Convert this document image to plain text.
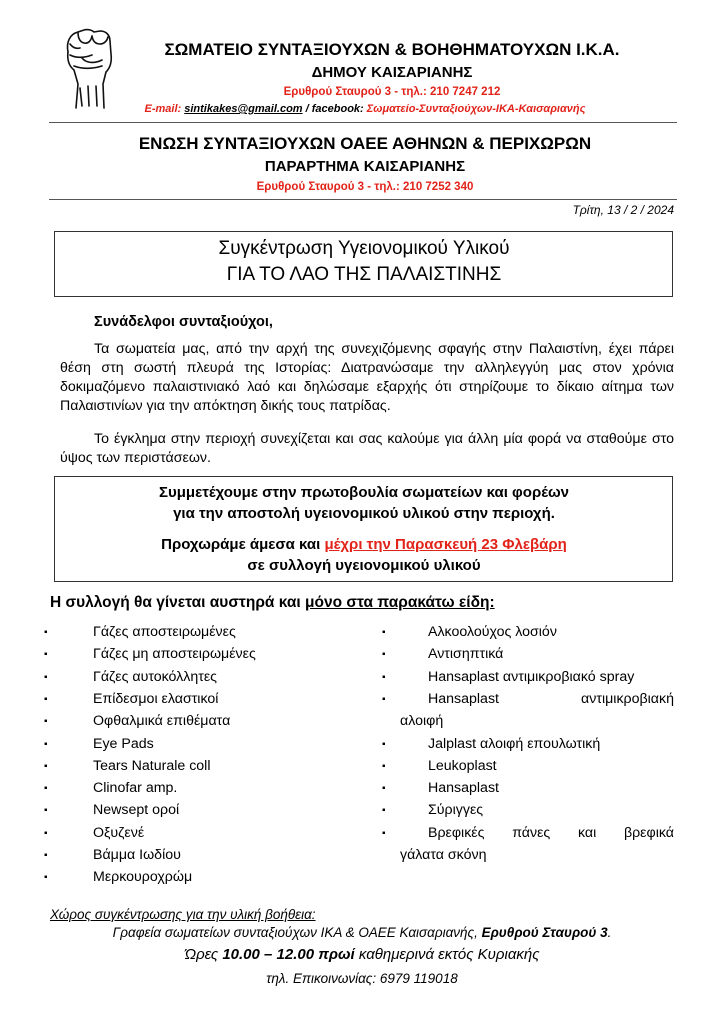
ΣΩΜΑΤΕΙΟ ΣΥΝΤΑΞΙΟΥΧΩΝ & ΒΟΗΘΗΜΑΤΟΥΧΩΝ Ι.Κ.Α.
ΔΗΜΟΥ ΚΑΙΣΑΡΙΑΝΗΣ
Ερυθρού Σταυρού 3 - τηλ.: 210 7247 212
E-mail: sintikakes@gmail.com / facebook: Σωματείο-Συνταξιούχων-ΙΚΑ-Καισαριανής
ΕΝΩΣΗ ΣΥΝΤΑΞΙΟΥΧΩΝ ΟΑΕΕ ΑΘΗΝΩΝ & ΠΕΡΙΧΩΡΩΝ
ΠΑΡΑΡΤΗΜΑ ΚΑΙΣΑΡΙΑΝΗΣ
Ερυθρού Σταυρού 3 - τηλ.: 210 7252 340
Τρίτη, 13 / 2 / 2024
Συγκέντρωση Υγειονομικού Υλικού
ΓΙΑ ΤΟ ΛΑΟ ΤΗΣ ΠΑΛΑΙΣΤΙΝΗΣ
Συνάδελφοι συνταξιούχοι,
Τα σωματεία μας, από την αρχή της συνεχιζόμενης σφαγής στην Παλαιστίνη, έχει πάρει θέση στη σωστή πλευρά της Ιστορίας: Διατρανώσαμε την αλληλεγγύη μας στον χρόνια δοκιμαζόμενο παλαιστινιακό λαό και δηλώσαμε εξαρχής ότι στηρίζουμε το δίκαιο αίτημα των Παλαιστινίων για την απόκτηση δικής τους πατρίδας.
Το έγκλημα στην περιοχή συνεχίζεται και σας καλούμε για άλλη μία φορά να σταθούμε στο ύψος των περιστάσεων.
Συμμετέχουμε στην πρωτοβουλία σωματείων και φορέων
για την αποστολή υγειονομικού υλικού στην περιοχή.
Προχωράμε άμεσα και μέχρι την Παρασκευή 23 Φλεβάρη
σε συλλογή υγειονομικού υλικού
Η συλλογή θα γίνεται αυστηρά και μόνο στα παρακάτω είδη:
▪	Γάζες αποστειρωμένες
▪	Γάζες μη αποστειρωμένες
▪	Γάζες αυτοκόλλητες
▪	Επίδεσμοι ελαστικοί
▪	Οφθαλμικά επιθέματα
▪	Eye Pads
▪	Tears Naturale coll
▪	Clinofar amp.
▪	Newsept οροί
▪	Οξυζενέ
▪	Βάμμα Ιωδίου
▪	Μερκουροχρώμ
▪	Αλκοολούχος λοσιόν
▪	Αντισηπτικά
▪	Hansaplast αντιμικροβιακό spray
▪	Hansaplast αντιμικροβιακή
αλοιφή
▪	Jalplast αλοιφή επουλωτική
▪	Leukoplast
▪	Hansaplast
▪	Σύριγγες
▪	Βρεφικές πάνες και βρεφικά
γάλατα σκόνη
Χώρος συγκέντρωσης για την υλική βοήθεια:
Γραφεία σωματείων συνταξιούχων ΙΚΑ & ΟΑΕΕ Καισαριανής, Ερυθρού Σταυρού 3.
Ώρες 10.00 – 12.00 πρωί καθημερινά εκτός Κυριακής
τηλ. Επικοινωνίας: 6979 119018
